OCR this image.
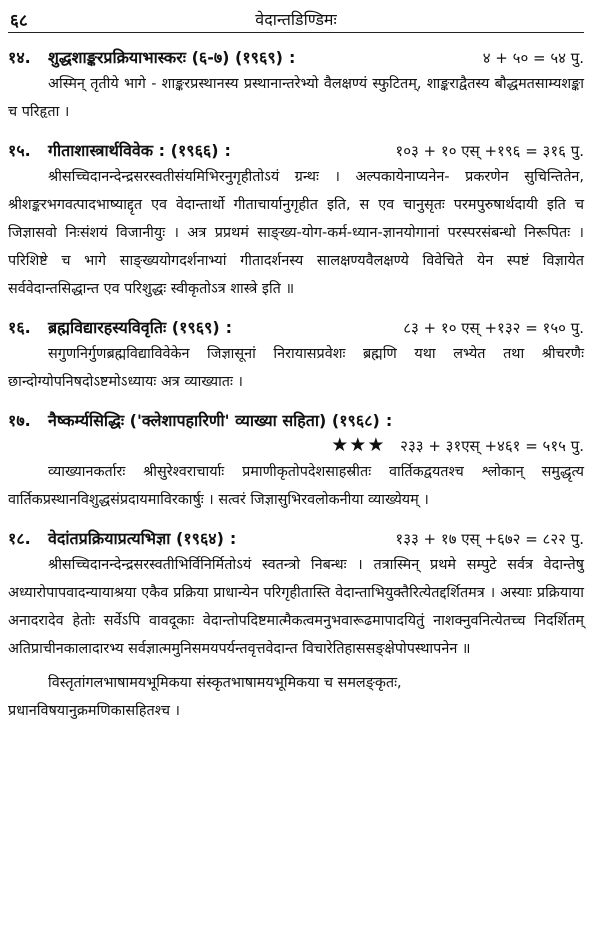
६८	वेदान्तडिण्डिमः
१४.	शुद्धशाङ्करप्रक्रियाभास्करः (६-७) (१९६९) :	४ + ५० = ५४ पु.
अस्मिन् तृतीये भागे - शाङ्करप्रस्थानस्य प्रस्थानान्तरेभ्यो वैलक्षण्यं स्फुटितम्, शाङ्कराद्वैतस्य बौद्धमतसाम्यशङ्का च परिहृता ।
१५.	गीताशास्त्रार्थविवेक : (१९६६) :	१०३ + १० एस् +१९६ = ३१६ पु.
श्रीसच्चिदानन्देन्द्रसरस्वतीसंयमिभिरनुगृहीतोऽयं ग्रन्थः । अल्पकायेनाप्यनेन- प्रकरणेन सुचिन्तितेन, श्रीशङ्करभगवत्पादभाष्याद्दृत एव वेदान्तार्थो गीताचार्यानुगृहीत इति, स एव चानुसृतः परमपुरुषार्थदायी इति च जिज्ञासवो निःसंशयं विजानीयुः । अत्र प्रप्रथमं साङ्ख्य-योग-कर्म-ध्यान-ज्ञानयोगानां परस्परसंबन्धो निरूपितः । परिशिष्टे च भागे साङ्ख्ययोगदर्शनाभ्यां गीतादर्शनस्य सालक्षण्यवैलक्षण्ये विवेचिते येन स्पष्टं विज्ञायेत सर्ववेदान्तसिद्धान्त एव परिशुद्धः स्वीकृतोऽत्र शास्त्रे इति ॥
१६.	ब्रह्मविद्यारहस्यविवृतिः (१९६९) :	८३ + १० एस् +१३२ = १५० पु.
सगुणनिर्गुणब्रह्मविद्याविवेकेन जिज्ञासूनां निरायासप्रवेशः ब्रह्मणि यथा लभ्येत तथा श्रीचरणैः छान्दोग्योपनिषदोऽष्टमोऽध्यायः अत्र व्याख्यातः ।
१७.	नैष्कर्म्यसिद्धिः ('क्लेशापहारिणी' व्याख्या सहिता) (१९६८) :
★★★ २३३ + ३१एस् +४६१ = ५१५ पु.
व्याख्यानकर्तारः श्रीसुरेश्वराचार्याः प्रमाणीकृतोपदेशसाहस्रीतः वार्तिकद्वयतश्च श्लोकान् समुद्धृत्य वार्तिकप्रस्थानविशुद्धसंप्रदायमाविरकार्षुः । सत्वरं जिज्ञासुभिरवलोकनीया व्याख्येयम् ।
१८.	वेदांतप्रक्रियाप्रत्यभिज्ञा (१९६४) :	१३३ + १७ एस् +६७२ = ८२२ पु.
श्रीसच्चिदानन्देन्द्रसरस्वतीभिर्विनिर्मितोऽयं स्वतन्त्रो निबन्धः । तत्रास्मिन् प्रथमे सम्पुटे सर्वत्र वेदान्तेषु अध्यारोपापवादन्यायाश्रया एकैव प्रक्रिया प्राधान्येन परिगृहीतास्ति वेदान्ताभियुक्तैरित्येतद्दर्शितमत्र । अस्याः प्रक्रियाया अनादरादेव हेतोः सर्वेऽपि वावदूकाः वेदान्तोपदिष्टमात्मैकत्वमनुभवारूढमापादयितुं नाशक्नुवनित्येतच्च निदर्शितम् अतिप्राचीनकालादारभ्य सर्वज्ञात्ममुनिसमयपर्यन्तवृत्तवेदान्त विचारेतिहाससङ्क्षेपोपस्थापनेन ॥
विस्तृतांगलभाषामयभूमिकया संस्कृतभाषामयभूमिकया च समलङ्कृतः,
प्रधानविषयानुक्रमणिकासहितश्च ।
